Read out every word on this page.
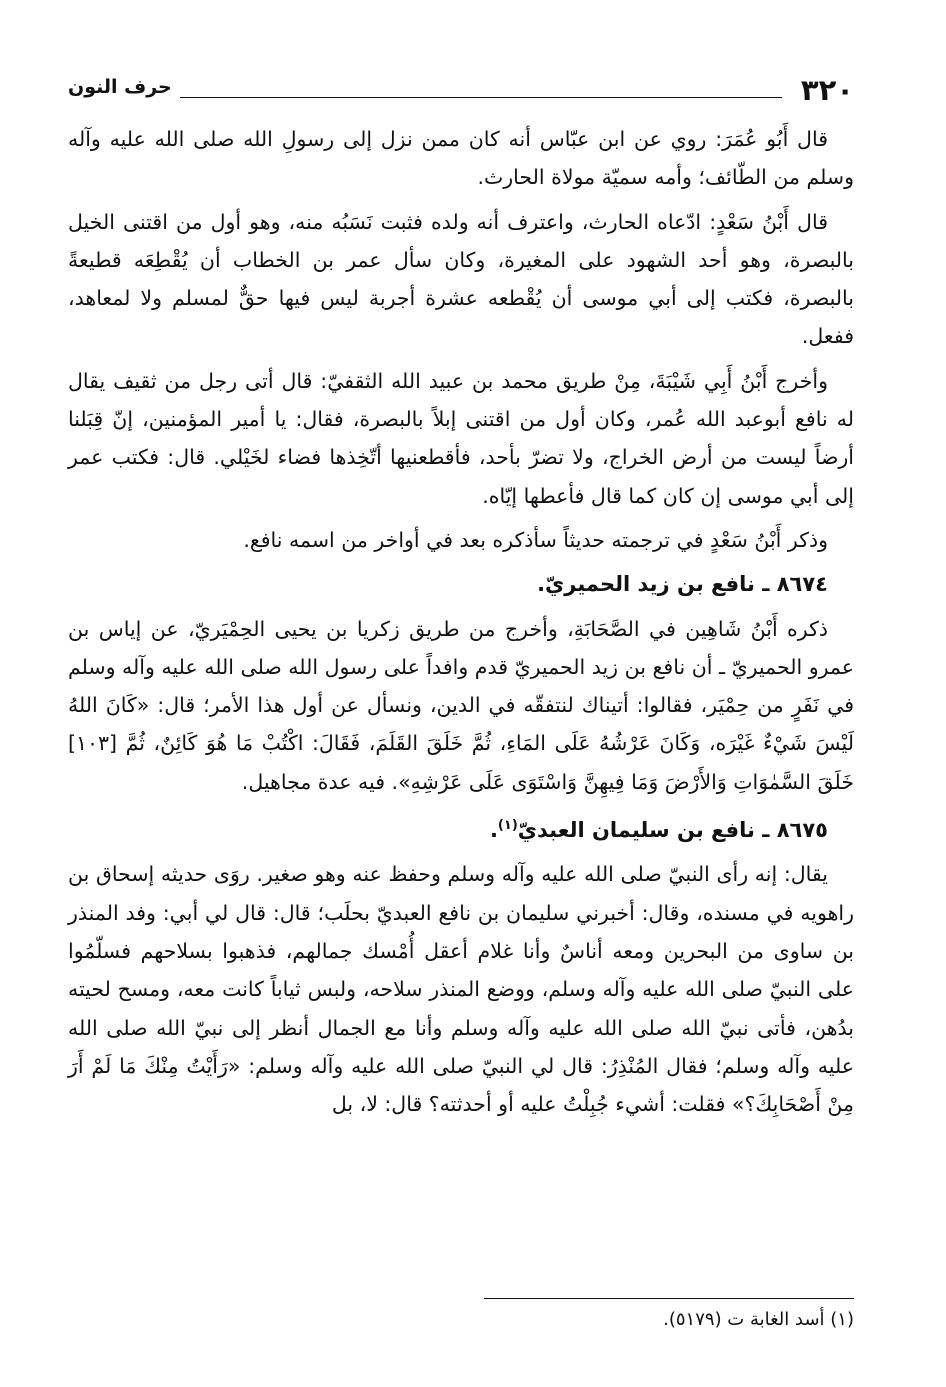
٣٢٠
حرف النون

قال أَبُو عُمَرَ: روي عن ابن عبّاس أنه كان ممن نزل إلى رسولِ الله صلى الله عليه وآله وسلم من الطّائف؛ وأمه سميّة مولاة الحارث.

قال أَبْنُ سَعْدٍ: ادّعاه الحارث، واعترف أنه ولده فثبت نَسَبُه منه، وهو أول من اقتنى الخيل بالبصرة، وهو أحد الشهود على المغيرة، وكان سأل عمر بن الخطاب أن يُقْطِعَه قطيعةً بالبصرة، فكتب إلى أبي موسى أن يُقْطعه عشرة أجربة ليس فيها حقٌّ لمسلم ولا لمعاهد، ففعل.

وأخرج أَبْنُ أَبِي شَيْبَةَ، مِنْ طريق محمد بن عبيد الله الثقفيّ: قال أتى رجل من ثقيف يقال له نافع أبوعبد الله عُمر، وكان أول من اقتنى إبلاً بالبصرة، فقال: يا أمير المؤمنين، إنّ قِبَلنا أرضاً ليست من أرض الخراج، ولا تضرّ بأحد، فأقطعنيها أتّخِذها فضاء لخَيْلي. قال: فكتب عمر إلى أبي موسى إن كان كما قال فأعطها إيّاه.

وذكر أَبْنُ سَعْدٍ في ترجمته حديثاً سأذكره بعد في أواخر من اسمه نافع.

٨٦٧٤ ـ نافع بن زيد الحميريّ.

ذكره أَبْنُ شَاهِين في الصَّحَابَةِ، وأخرج من طريق زكريا بن يحيى الحِمْيَريّ، عن إياس بن عمرو الحميريّ ـ أن نافع بن زيد الحميريّ قدم وافداً على رسول الله صلى الله عليه وآله وسلم في نَفَرٍ من حِمْيَر، فقالوا: أتيناك لنتفقّه في الدين، ونسأل عن أول هذا الأمر؛ قال: «كَانَ اللهُ لَيْسَ شَيْءٌ غَيْرَه، وَكَانَ عَرْشُهُ عَلَى المَاءِ، ثُمَّ خَلَقَ القَلَمَ، فَقَالَ: اكْتُبْ مَا هُوَ كَائِنٌ، ثُمَّ [١٠٣] خَلَقَ السَّمٰوَاتِ وَالأَرْضَ وَمَا فِيهِنَّ وَاسْتَوَى عَلَى عَرْشِهِ». فيه عدة مجاهيل.

٨٦٧٥ ـ نافع بن سليمان العبديّ$^{(١)}$.

يقال: إنه رأى النبيّ صلى الله عليه وآله وسلم وحفظ عنه وهو صغير. روَى حديثه إسحاق بن راهويه في مسنده، وقال: أخبرني سليمان بن نافع العبديّ بحلَب؛ قال: قال لي أبي: وفد المنذر بن ساوى من البحرين ومعه أناسٌ وأنا غلام أعقل أُمْسك جمالهم، فذهبوا بسلاحهم فسلّمُوا على النبيّ صلى الله عليه وآله وسلم، ووضع المنذر سلاحه، ولبس ثياباً كانت معه، ومسح لحيته بدُهن، فأتى نبيّ الله صلى الله عليه وآله وسلم وأنا مع الجمال أنظر إلى نبيّ الله صلى الله عليه وآله وسلم؛ فقال المُنْذِرُ: قال لي النبيّ صلى الله عليه وآله وسلم: «رَأَيْتُ مِنْكَ مَا لَمْ أَرَ مِنْ أَصْحَابِكَ؟» فقلت: أشيء جُبِلْتُ عليه أو أحدثته؟ قال: لا، بل

(١) أسد الغابة ت (٥١٧٩).
